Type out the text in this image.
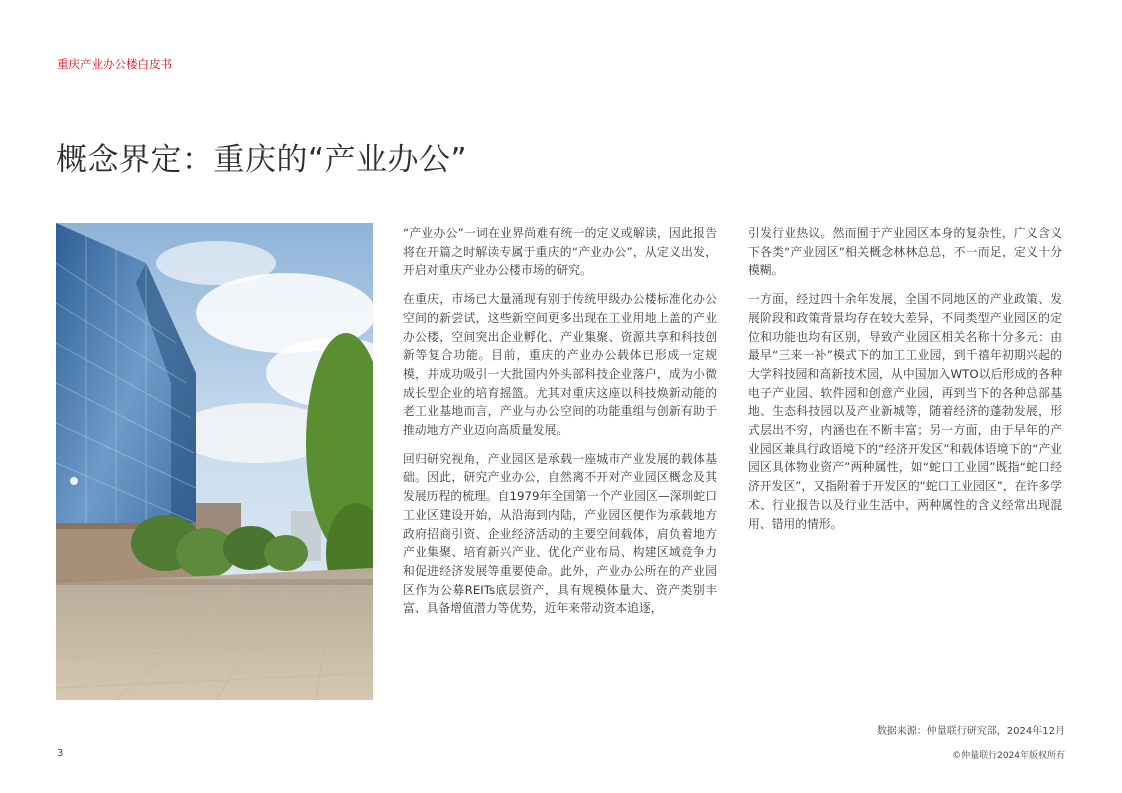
重庆产业办公楼白皮书
概念界定：重庆的“产业办公”

“产业办公”一词在业界尚难有统一的定义或解读，因此报告将在开篇之时解读专属于重庆的“产业办公”，从定义出发，开启对重庆产业办公楼市场的研究。

在重庆，市场已大量涌现有别于传统甲级办公楼标准化办公空间的新尝试，这些新空间更多出现在工业用地上盖的产业办公楼，空间突出企业孵化、产业集聚、资源共享和科技创新等复合功能。目前，重庆的产业办公载体已形成一定规模，并成功吸引一大批国内外头部科技企业落户，成为小微成长型企业的培育摇篮。尤其对重庆这座以科技焕新动能的老工业基地而言，产业与办公空间的功能重组与创新有助于推动地方产业迈向高质量发展。

回归研究视角，产业园区是承载一座城市产业发展的载体基础。因此，研究产业办公，自然离不开对产业园区概念及其发展历程的梳理。自1979年全国第一个产业园区—深圳蛇口工业区建设开始，从沿海到内陆，产业园区便作为承载地方政府招商引资、企业经济活动的主要空间载体，肩负着地方产业集聚、培育新兴产业、优化产业布局、构建区域竞争力和促进经济发展等重要使命。此外，产业办公所在的产业园区作为公募REITs底层资产，具有规模体量大、资产类别丰富、具备增值潜力等优势，近年来带动资本追逐，

引发行业热议。然而囿于产业园区本身的复杂性，广义含义下各类“产业园区”相关概念林林总总，不一而足，定义十分模糊。

一方面，经过四十余年发展，全国不同地区的产业政策、发展阶段和政策背景均存在较大差异，不同类型产业园区的定位和功能也均有区别，导致产业园区相关名称十分多元：由最早“三来一补”模式下的加工工业园，到千禧年初期兴起的大学科技园和高新技术园，从中国加入WTO以后形成的各种电子产业园、软件园和创意产业园，再到当下的各种总部基地、生态科技园以及产业新城等，随着经济的蓬勃发展，形式层出不穷，内涵也在不断丰富；另一方面，由于早年的产业园区兼具行政语境下的“经济开发区”和载体语境下的“产业园区具体物业资产”两种属性，如“蛇口工业园”既指“蛇口经济开发区”，又指附着于开发区的“蛇口工业园区”，在许多学术、行业报告以及行业生活中，两种属性的含义经常出现混用、错用的情形。

数据来源：仲量联行研究部，2024年12月
3	©仲量联行2024年版权所有
